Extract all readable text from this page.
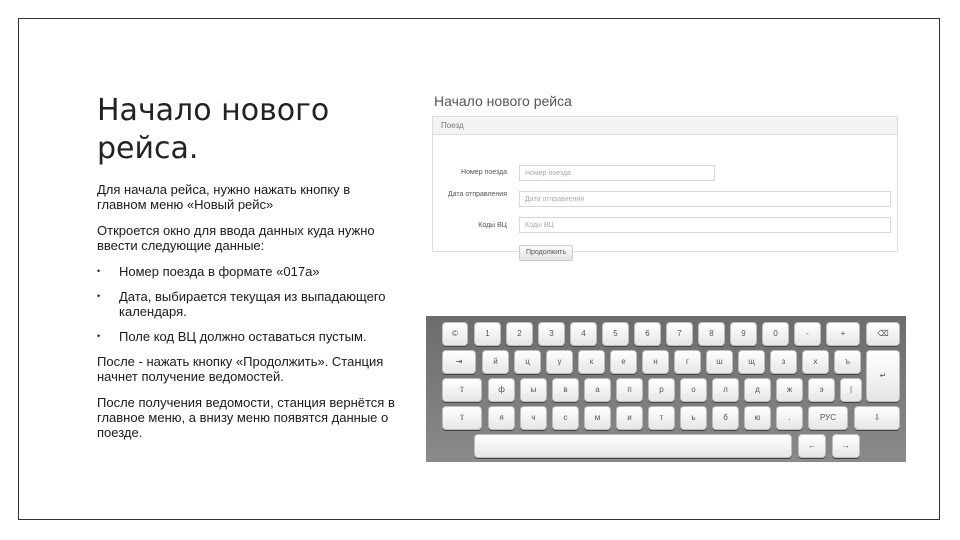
Начало нового рейса.

Для начала рейса, нужно нажать кнопку в главном меню «Новый рейс»

Откроется окно для ввода данных куда нужно ввести следующие данные:

• Номер поезда в формате «017а»
• Дата, выбирается текущая из выпадающего календаря.
• Поле код ВЦ должно оставаться пустым.

После - нажать кнопку «Продолжить». Станция начнет получение ведомостей.

После получения ведомости, станция вернётся в главное меню, а внизу меню появятся данные о поезде.

Начало нового рейса
Поезд
Номер поезда	Номер поезда
Дата отправления
Дата отправления
Коды ВЦ	Коды ВЦ
Продолжить
©	1	2	3	4	5	6	7	8	9	0	-	+	⌫
⇥	й	ц	у	к	е	н	г	ш	щ	з	х	ъ
↵
⇧	ф	ы	в	а	п	р	о	л	д	ж	э	|
⇧	я	ч	с	м	и	т	ь	б	ю	.	РУС	⇩
←	→
